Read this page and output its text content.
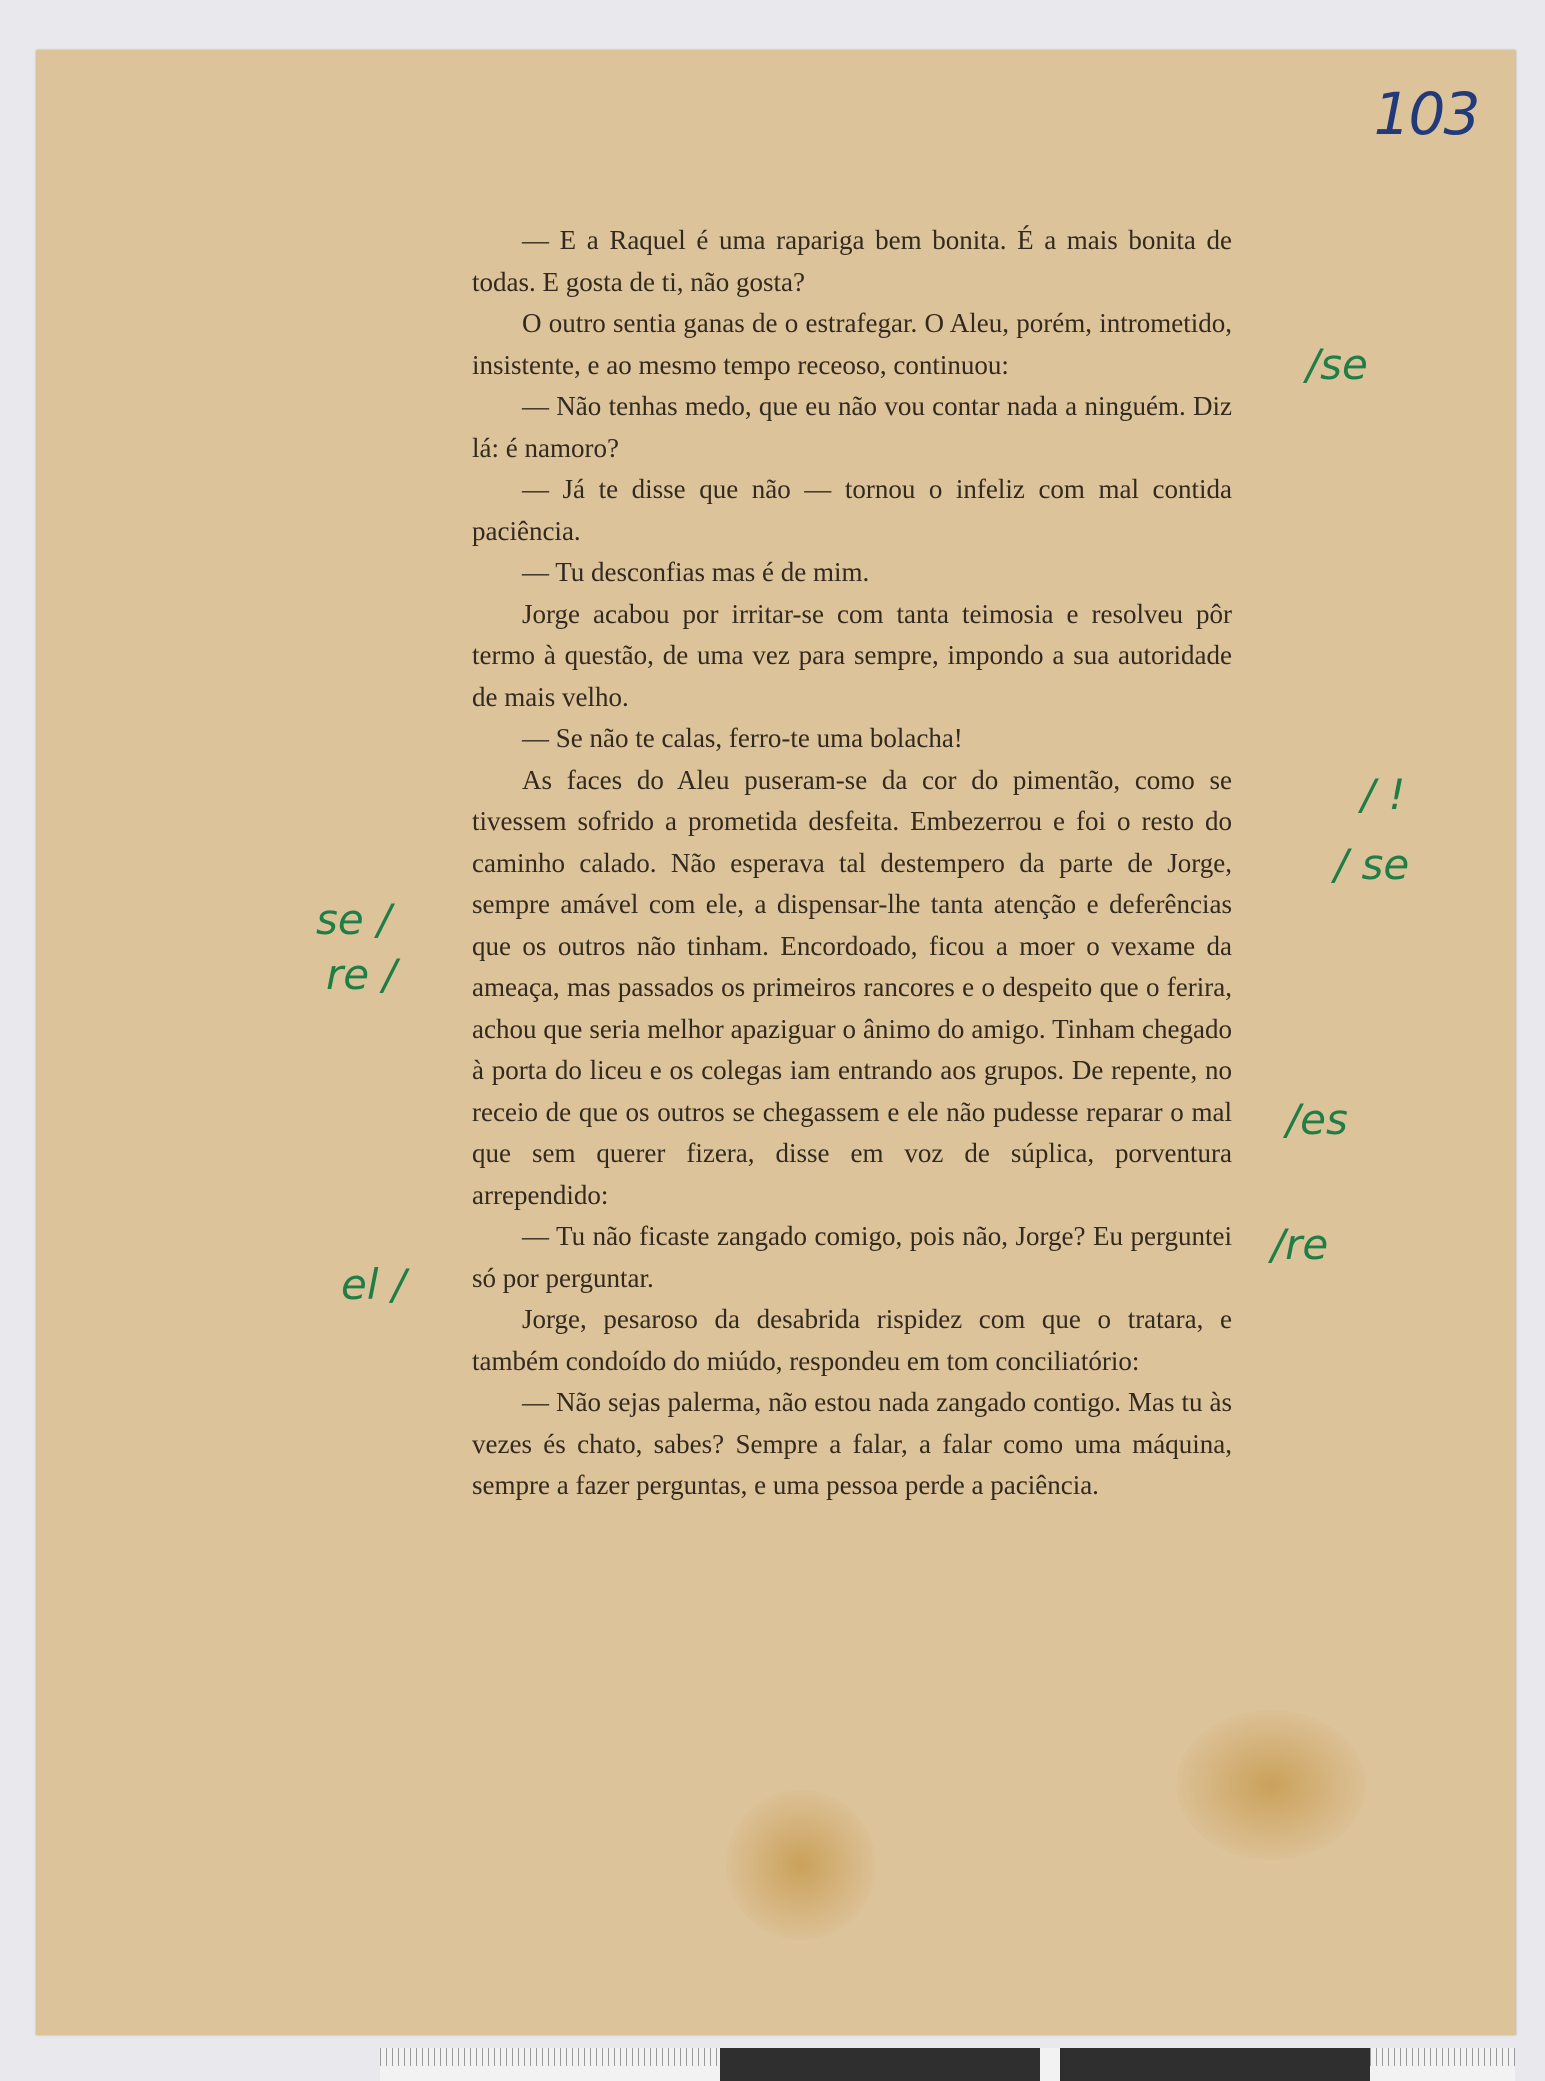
103

— E a Raquel é uma rapariga bem bonita. É a mais bonita de todas. E gosta de ti, não gosta?

O outro sentia ganas de o estrafegar. O Aleu, porém, intrometido, insistente, e ao mesmo tempo receoso, continuou:

— Não tenhas medo, que eu não vou contar nada a ninguém. Diz lá: é namoro?

— Já te disse que não — tornou o infeliz com mal contida paciência.

— Tu desconfias mas é de mim.

Jorge acabou por irritar-se com tanta teimosia e resolveu pôr termo à questão, de uma vez para sempre, impondo a sua autoridade de mais velho.

— Se não te calas, ferro-te uma bolacha!

As faces do Aleu puseram-se da cor do pimentão, como se tivessem sofrido a prometida desfeita. Embezerrou e foi o resto do caminho calado. Não esperava tal destempero da parte de Jorge, sempre amável com ele, a dispensar-lhe tanta atenção e deferências que os outros não tinham. Encordoado, ficou a moer o vexame da ameaça, mas passados os primeiros rancores e o despeito que o ferira, achou que seria melhor apaziguar o ânimo do amigo. Tinham chegado à porta do liceu e os colegas iam entrando aos grupos. De repente, no receio de que os outros se chegassem e ele não pudesse reparar o mal que sem querer fizera, disse em voz de súplica, porventura arrependido:

— Tu não ficaste zangado comigo, pois não, Jorge? Eu perguntei só por perguntar.

Jorge, pesaroso da desabrida rispidez com que o tratara, e também condoído do miúdo, respondeu em tom conciliatório:

— Não sejas palerma, não estou nada zangado contigo. Mas tu às vezes és chato, sabes? Sempre a falar, a falar como uma máquina, sempre a fazer perguntas, e uma pessoa perde a paciência.

/se
/ !
/ se
/es
/re
se /
re /
el /
